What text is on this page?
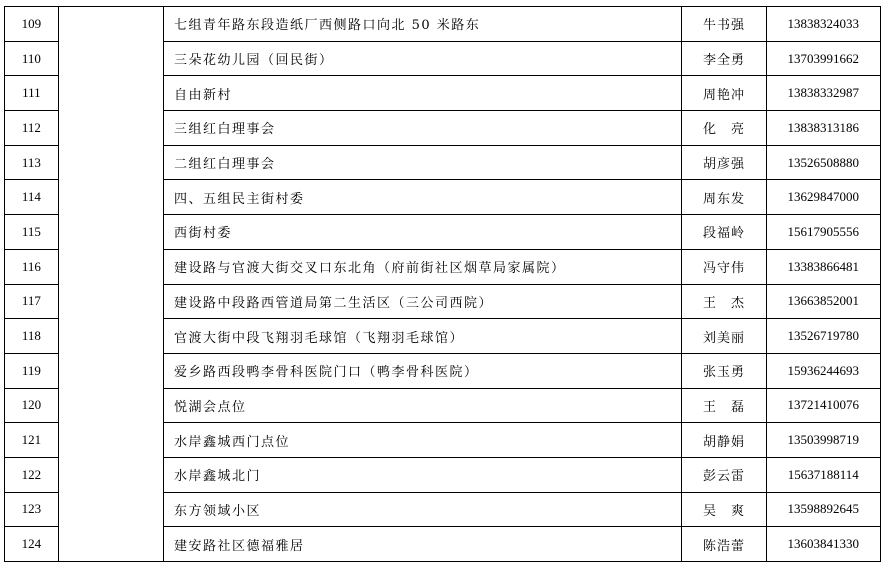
109		七组青年路东段造纸厂西侧路口向北 50 米路东	牛书强	13838324033
110		三朵花幼儿园（回民街）	李全勇	13703991662
111		自由新村	周艳冲	13838332987
112		三组红白理事会	化　亮	13838313186
113		二组红白理事会	胡彦强	13526508880
114		四、五组民主街村委	周东发	13629847000
115		西街村委	段福岭	15617905556
116		建设路与官渡大街交叉口东北角（府前街社区烟草局家属院）	冯守伟	13383866481
117		建设路中段路西管道局第二生活区（三公司西院）	王　杰	13663852001
118		官渡大街中段飞翔羽毛球馆（飞翔羽毛球馆）	刘美丽	13526719780
119		爱乡路西段鸭李骨科医院门口（鸭李骨科医院）	张玉勇	15936244693
120		悦湖会点位	王　磊	13721410076
121		水岸鑫城西门点位	胡静娟	13503998719
122		水岸鑫城北门	彭云雷	15637188114
123		东方领域小区	吴　爽	13598892645
124		建安路社区德福雅居	陈浩蕾	13603841330
